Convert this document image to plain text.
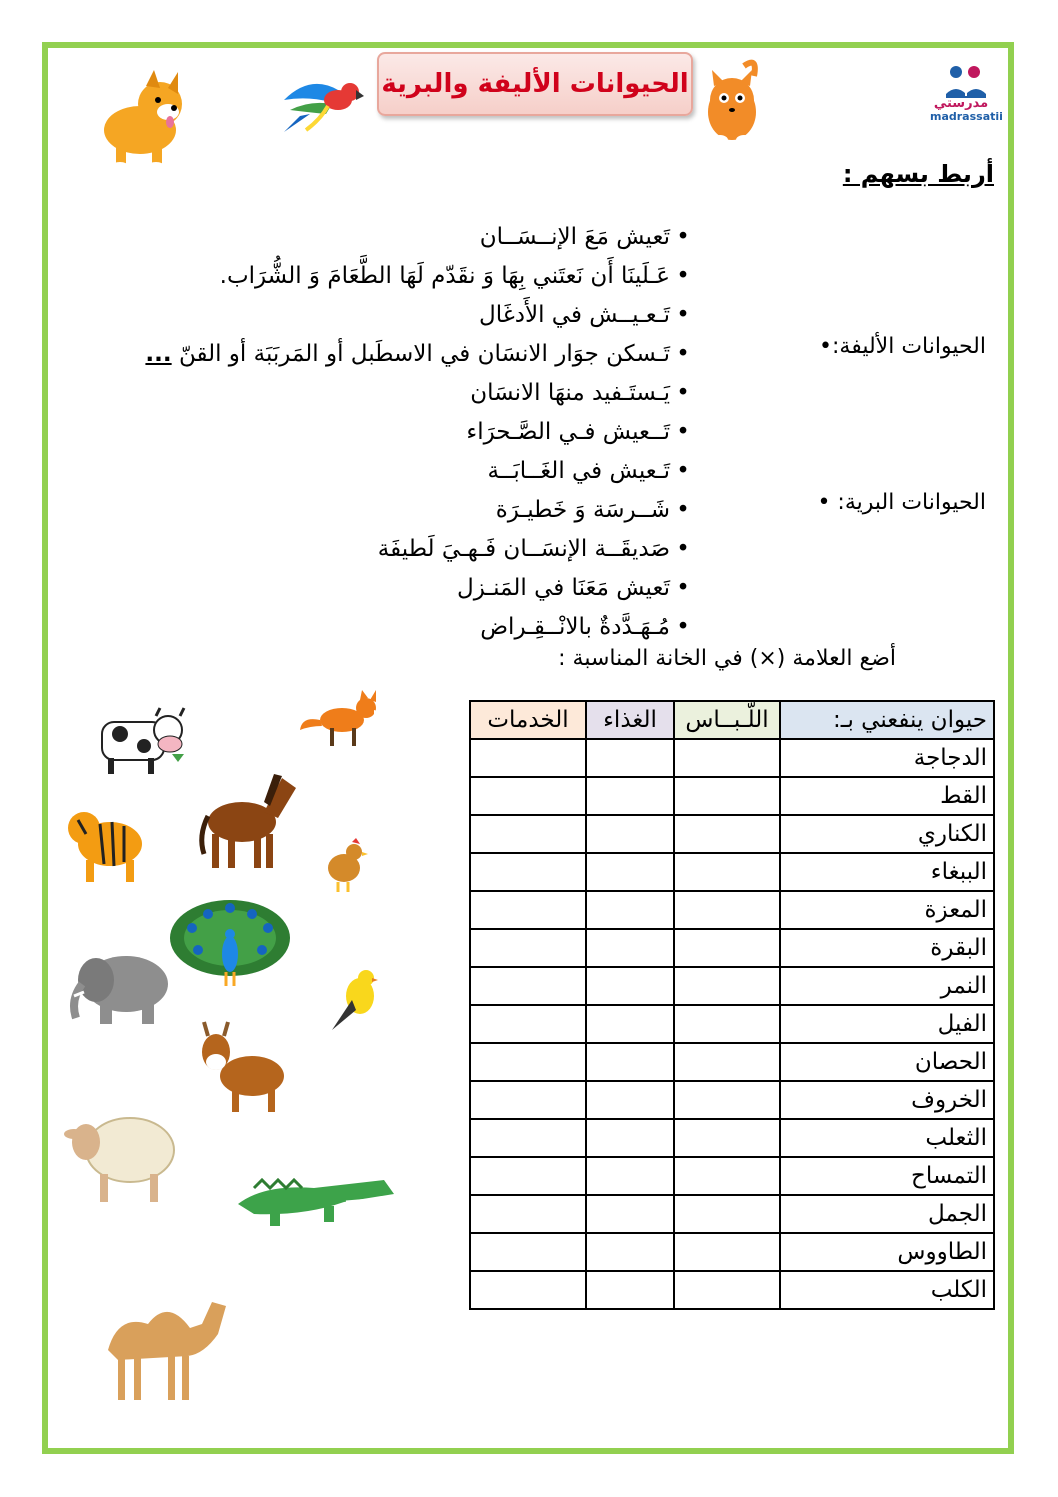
الحيوانات الأليفة والبرية
مدرستي
madrassatii
أربط بسهم :
• تَعيش مَعَ الإنــسَــان
• عَـلَينَا أَن نَعتَني بِهَا وَ نقَدّم لَهَا الطَّعَامَ وَ الشُّرَاب.
• تَـعـيــش في الأَدغَال
• تَـسكن جوَار الانسَان في الاسطَبل أو المَربَبَة أو القنّ ...
• يَـستَـفيد منهَا الانسَان
• تَــعيش فـي الصَّـحرَاء
• تَـعيش في الغَــابَــة
• شَــرسَة وَ خَطيـرَة
• صَديقَــة الإنسَــان فَـهـيَ لَطيفَة
• تَعيش مَعَنَا في المَنـزل
• مُـهَـدَّدةٌ بالانْــقِـراض
الحيوانات الأليفة:•
الحيوانات البرية: •
أضع العلامة (×) في الخانة المناسبة :
حيوان ينفعني بـ:	اللّـبــاس	الغذاء	الخدمات
الدجاجة			
القط			
الكناري			
الببغاء			
المعزة			
البقرة			
النمر			
الفيل			
الحصان			
الخروف			
الثعلب			
التمساح			
الجمل			
الطاووس			
الكلب			
